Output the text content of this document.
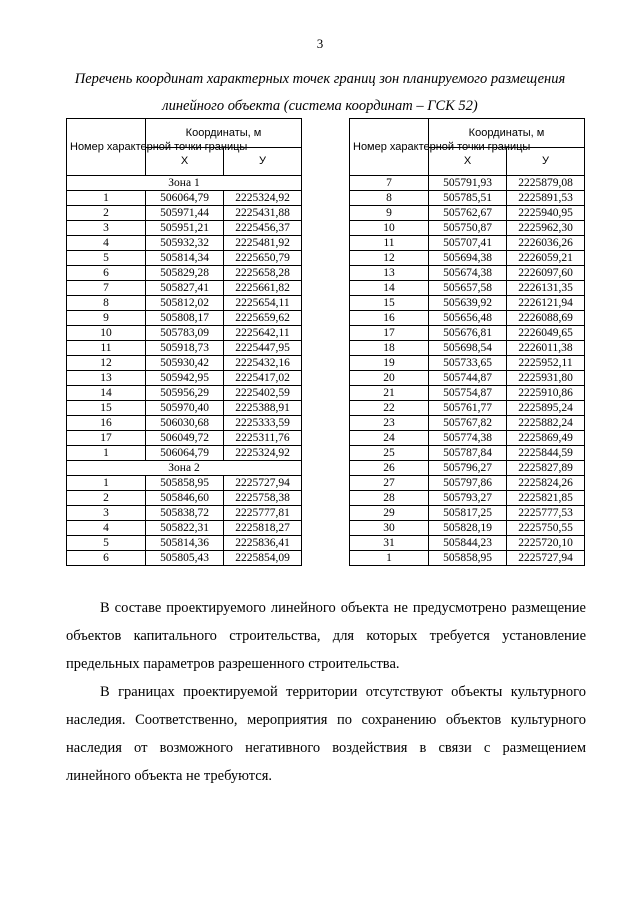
3
Перечень координат характерных точек границ зон планируемого размещения
линейного объекта (система координат – ГСК 52)
Номер характерной точки границы	Координаты, м	
	X	У
Зона 1		
1	506064,79	2225324,92
2	505971,44	2225431,88
3	505951,21	2225456,37
4	505932,32	2225481,92
5	505814,34	2225650,79
6	505829,28	2225658,28
7	505827,41	2225661,82
8	505812,02	2225654,11
9	505808,17	2225659,62
10	505783,09	2225642,11
11	505918,73	2225447,95
12	505930,42	2225432,16
13	505942,95	2225417,02
14	505956,29	2225402,59
15	505970,40	2225388,91
16	506030,68	2225333,59
17	506049,72	2225311,76
1	506064,79	2225324,92
Зона 2		
1	505858,95	2225727,94
2	505846,60	2225758,38
3	505838,72	2225777,81
4	505822,31	2225818,27
5	505814,36	2225836,41
6	505805,43	2225854,09
Номер характерной точки границы	Координаты, м	
	X	У
7	505791,93	2225879,08
8	505785,51	2225891,53
9	505762,67	2225940,95
10	505750,87	2225962,30
11	505707,41	2226036,26
12	505694,38	2226059,21
13	505674,38	2226097,60
14	505657,58	2226131,35
15	505639,92	2226121,94
16	505656,48	2226088,69
17	505676,81	2226049,65
18	505698,54	2226011,38
19	505733,65	2225952,11
20	505744,87	2225931,80
21	505754,87	2225910,86
22	505761,77	2225895,24
23	505767,82	2225882,24
24	505774,38	2225869,49
25	505787,84	2225844,59
26	505796,27	2225827,89
27	505797,86	2225824,26
28	505793,27	2225821,85
29	505817,25	2225777,53
30	505828,19	2225750,55
31	505844,23	2225720,10
1	505858,95	2225727,94

В составе проектируемого линейного объекта не предусмотрено размещение объектов капитального строительства, для которых требуется установление предельных параметров разрешенного строительства.

В границах проектируемой территории отсутствуют объекты культурного наследия. Соответственно, мероприятия по сохранению объектов культурного наследия от возможного негативного воздействия в связи с размещением линейного объекта не требуются.
